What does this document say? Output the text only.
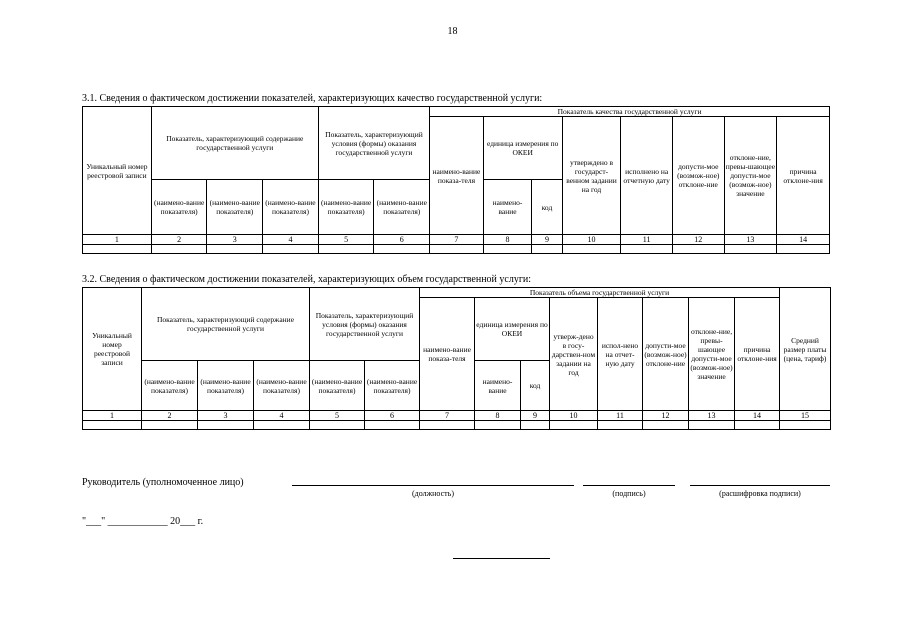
18
3.1. Сведения о фактическом достижении показателей, характеризующих качество государственной услуги:
Уникальный номер реестровой записи	Показатель, характеризующий содержание государственной услуги			Показатель, характеризующий условия (формы) оказания государственной услуги		Показатель качества государственной услуги							
						наимено-вание показа-теля	единица измерения по ОКЕИ		утверждено в государст-венном задании на год	исполнено на отчетную дату	допусти-мое (возмож-ное) отклоне-ние	отклоне-ние, превы-шающее допусти-мое (возмож-ное) значение	причина отклоне-ния
	(наимено-вание показателя)	(наимено-вание показателя)	(наимено-вание показателя)	(наимено-вание показателя)	(наимено-вание показателя)		наимено-вание	код					
1	2	3	4	5	6	7	8	9	10	11	12	13	14

3.2. Сведения о фактическом достижении показателей, характеризующих объем государственной услуги:
Уникальный номер реестровой записи	Показатель, характеризующий содержание государственной услуги			Показатель, характеризующий условия (формы) оказания государственной услуги		Показатель объема государственной услуги								Средний размер платы (цена, тариф)
						наимено-вание показа-теля	единица измерения по ОКЕИ		утверж-дено в госу-дарствен-ном задании на год	испол-нено на отчет-ную дату	допусти-мое (возмож-ное) отклоне-ние	отклоне-ние, превы-шающее допусти-мое (возмож-ное) значение	причина отклоне-ния	
	(наимено-вание показателя)	(наимено-вание показателя)	(наимено-вание показателя)	(наимено-вание показателя)	(наимено-вание показателя)		наимено-вание	код						
1	2	3	4	5	6	7	8	9	10	11	12	13	14	15

Руководитель (уполномоченное лицо)
(должность)	(подпись)	(расшифровка подписи)
"___" ____________ 20___ г.
